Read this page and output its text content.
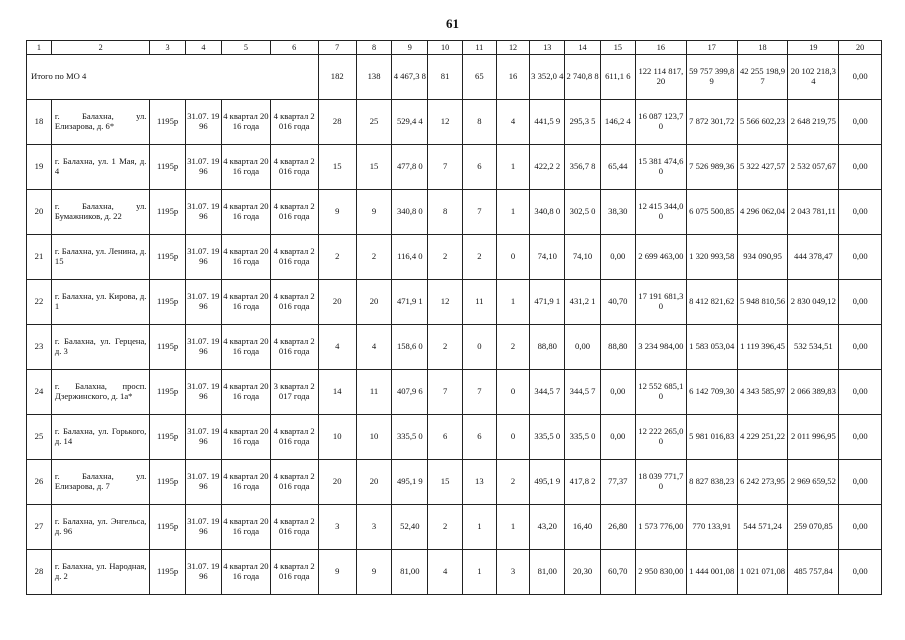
61
1	2	3	4	5	6	7	8	9	10	11	12	13	14	15	16	17	18	19	20
Итого по МО 4						182	138	4 467,3 8	81	65	16	3 352,0 4	2 740,8 8	611,1 6	122 114 817,20	59 757 399,89	42 255 198,97	20 102 218,34	0,00
18	г. Балахна, ул. Елизарова, д. 6*	1195р	31.07. 1996	4 квартал 2016 года	4 квартал 2016 года	28	25	529,4 4	12	8	4	441,5 9	295,3 5	146,2 4	16 087 123,70	7 872 301,72	5 566 602,23	2 648 219,75	0,00
19	г. Балахна, ул. 1 Мая, д. 4	1195р	31.07. 1996	4 квартал 2016 года	4 квартал 2016 года	15	15	477,8 0	7	6	1	422,2 2	356,7 8	65,44	15 381 474,60	7 526 989,36	5 322 427,57	2 532 057,67	0,00
20	г. Балахна, ул. Бумажников, д. 22	1195р	31.07. 1996	4 квартал 2016 года	4 квартал 2016 года	9	9	340,8 0	8	7	1	340,8 0	302,5 0	38,30	12 415 344,00	6 075 500,85	4 296 062,04	2 043 781,11	0,00
21	г. Балахна, ул. Ленина, д. 15	1195р	31.07. 1996	4 квартал 2016 года	4 квартал 2016 года	2	2	116,4 0	2	2	0	74,10	74,10	0,00	2 699 463,00	1 320 993,58	934 090,95	444 378,47	0,00
22	г. Балахна, ул. Кирова, д. 1	1195р	31.07. 1996	4 квартал 2016 года	4 квартал 2016 года	20	20	471,9 1	12	11	1	471,9 1	431,2 1	40,70	17 191 681,30	8 412 821,62	5 948 810,56	2 830 049,12	0,00
23	г. Балахна, ул. Герцена, д. 3	1195р	31.07. 1996	4 квартал 2016 года	4 квартал 2016 года	4	4	158,6 0	2	0	2	88,80	0,00	88,80	3 234 984,00	1 583 053,04	1 119 396,45	532 534,51	0,00
24	г. Балахна, просп. Дзержинского, д. 1а*	1195р	31.07. 1996	4 квартал 2016 года	3 квартал 2017 года	14	11	407,9 6	7	7	0	344,5 7	344,5 7	0,00	12 552 685,10	6 142 709,30	4 343 585,97	2 066 389,83	0,00
25	г. Балахна, ул. Горького, д. 14	1195р	31.07. 1996	4 квартал 2016 года	4 квартал 2016 года	10	10	335,5 0	6	6	0	335,5 0	335,5 0	0,00	12 222 265,00	5 981 016,83	4 229 251,22	2 011 996,95	0,00
26	г. Балахна, ул. Елизарова, д. 7	1195р	31.07. 1996	4 квартал 2016 года	4 квартал 2016 года	20	20	495,1 9	15	13	2	495,1 9	417,8 2	77,37	18 039 771,70	8 827 838,23	6 242 273,95	2 969 659,52	0,00
27	г. Балахна, ул. Энгельса, д. 96	1195р	31.07. 1996	4 квартал 2016 года	4 квартал 2016 года	3	3	52,40	2	1	1	43,20	16,40	26,80	1 573 776,00	770 133,91	544 571,24	259 070,85	0,00
28	г. Балахна, ул. Народная, д. 2	1195р	31.07. 1996	4 квартал 2016 года	4 квартал 2016 года	9	9	81,00	4	1	3	81,00	20,30	60,70	2 950 830,00	1 444 001,08	1 021 071,08	485 757,84	0,00
